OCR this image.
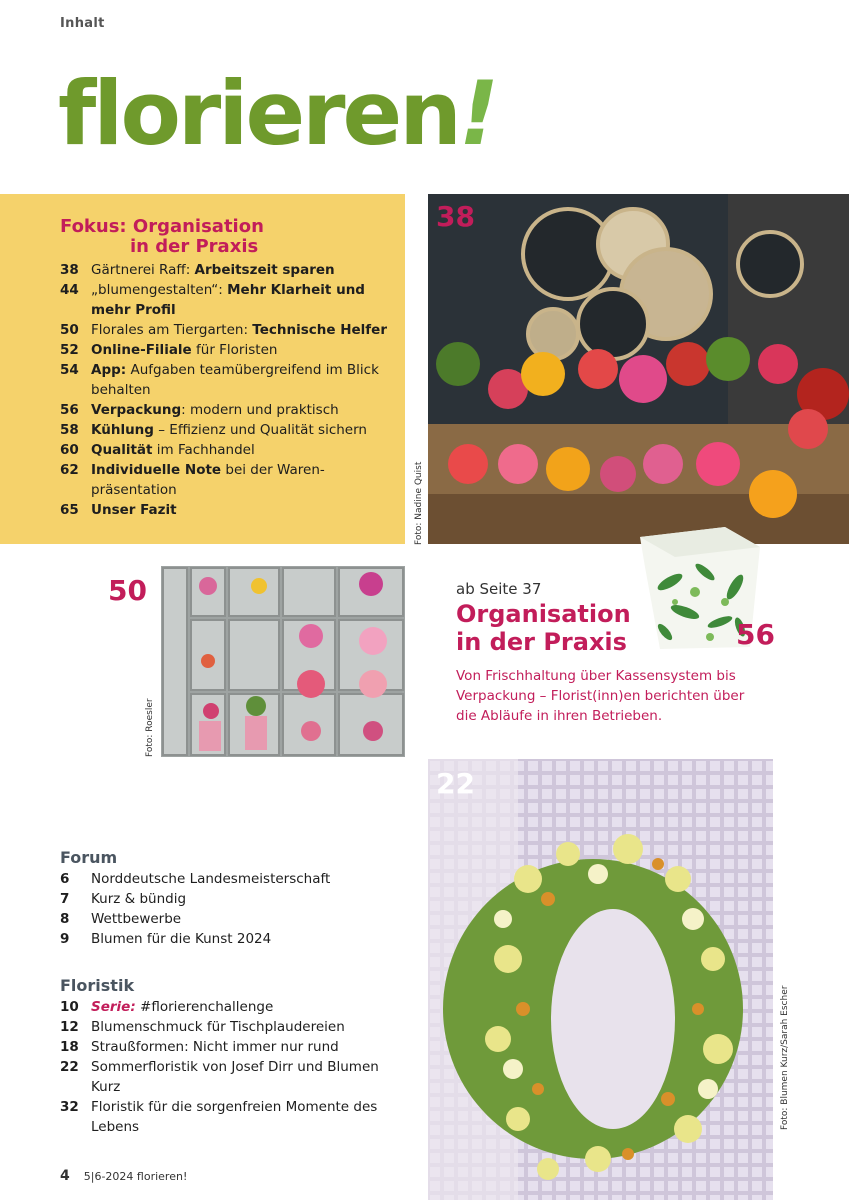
Inhalt
florieren!
Fokus: Organisation
in der Praxis
38 Gärtnerei Raff: Arbeitszeit sparen
44 „blumengestalten“: Mehr Klarheit und mehr Profil
50 Florales am Tiergarten: Technische Helfer
52 Online-Filiale für Floristen
54 App: Aufgaben teamübergreifend im Blick behalten
56 Verpackung: modern und praktisch
58 Kühlung – Effizienz und Qualität sichern
60 Qualität im Fachhandel
62 Individuelle Note bei der Waren- präsentation
65 Unser Fazit
38
Foto: Nadine Quist
50
Foto: Roesler
56
ab Seite 37
Organisation
in der Praxis
Von Frischhaltung über Kassensystem bis Verpackung – Florist(inn)en berichten über die Abläufe in ihren Betrieben.
22
Foto: Blumen Kurz/Sarah Escher
Forum
6	Norddeutsche Landesmeisterschaft
7	Kurz & bündig
8	Wettbewerbe
9	Blumen für die Kunst 2024
Floristik
10 Serie: #florierenchallenge
12 Blumenschmuck für Tischplaudereien
18 Straußformen: Nicht immer nur rund
22 Sommerfloristik von Josef Dirr und Blumen Kurz
32 Floristik für die sorgenfreien Momente des Lebens
4 5|6-2024 florieren!
